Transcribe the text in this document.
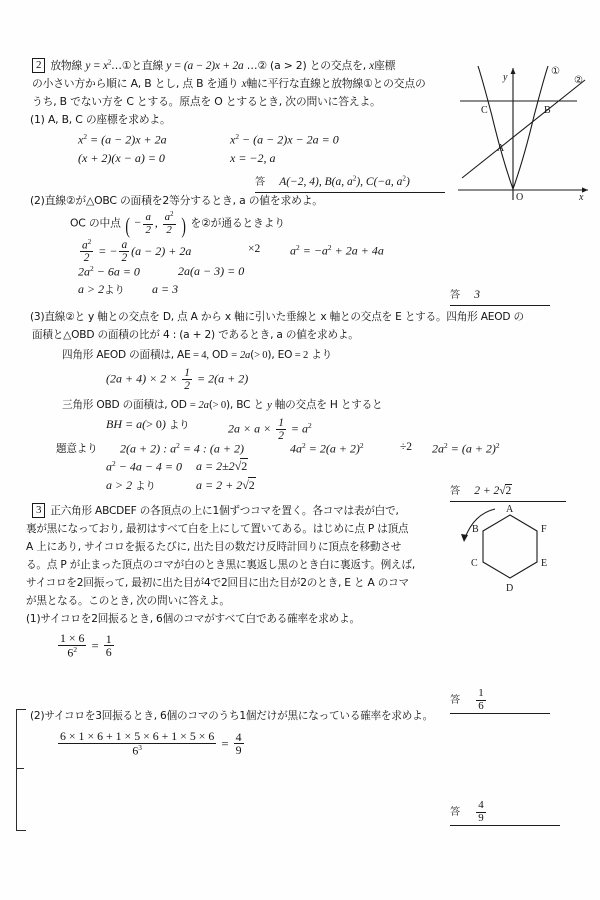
2 放物線 $y = x^2\dots ①$と直線 y = (a − 2)x + 2a …② (a > 2) との交点を, x座標
の小さい方から順に A, B とし, 点 B を通り x軸に平行な直線と放物線①との交点の
うち, B でない方を C とする。原点を O とするとき, 次の問いに答えよ。
(1) A, B, C の座標を求めよ。
$x^2 = (a - 2)x + 2a$	$x^2 - (a - 2)x - 2a = 0$
(x + 2)(x − a) = 0	x = −2, a
答 A(−2, 4), B(a, $a^2$), C(−a, $a^2$)
(2)直線②が△OBC の面積を2等分するとき, a の値を求めよ。
OC の中点 ( − $\frac{a}{2}$ , $\frac{a^2}{2}$ ) を②が通るときより
$\frac{a^2}{2}$ = − $\frac{a}{2} (a - 2) + 2a$	×2 $a^2 = -a^2 + 2a + 4a$
$2a^2 - 6a = 0$	2a(a − 3) = 0
a > 2より a = 3	答 3
(3)直線②と y 軸との交点を D, 点 A から x 軸に引いた垂線と x 軸との交点を E とする。四角形 AEOD の
面積と△OBD の面積の比が 4 : (a + 2) であるとき, a の値を求めよ。
四角形 AEOD の面積は, AE = 4, OD = 2a(> 0), EO = 2 より
$(2a + 4) \times 2 \times \frac{1}{2} = 2(a + 2)$
三角形 OBD の面積は, OD = 2a(> 0), BC と y 軸の交点を H とすると
BH = a(> 0) より	$2a \times a \times \frac{1}{2} = a^2$
題意より 2(a + 2) : $a^2 = 4$ : (a + 2)	$4a^2 = 2(a + 2)^2$	÷2 $2a^2 = (a + 2)^2$
$a^2 - 4a - 4 = 0$ a = 2±2√2
a > 2 より	a = 2 + 2√2	答 2 + 2√2
y
x
O
①
②
C	B
A
3 正六角形 ABCDEF の各頂点の上に1個ずつコマを置く。各コマは表が白で,
裏が黒になっており, 最初はすべて白を上にして置いてある。はじめに点 P は頂点
A 上にあり, サイコロを振るたびに, 出た目の数だけ反時計回りに頂点を移動させ
る。点 P が止まった頂点のコマが白のとき黒に裏返し黒のとき白に裏返す。例えば,
サイコロを2回振って, 最初に出た目が4で2回目に出た目が2のとき, E と A のコマ
が黒となる。このとき, 次の問いに答えよ。
(1)サイコロを2回振るとき, 6個のコマがすべて白である確率を求めよ。
$\frac{1 \times 6}{6^2} = \frac{1}{6}$
答 $\frac{1}{6}$
(2)サイコロを3回振るとき, 6個のコマのうち1個だけが黒になっている確率を求めよ。
$\frac{6 \times 1 \times 6 + 1 \times 5 \times 6 + 1 \times 5 \times 6}{6^3} = \frac{4}{9}$
答 $\frac{4}{9}$
A
B
C
D
E
F
